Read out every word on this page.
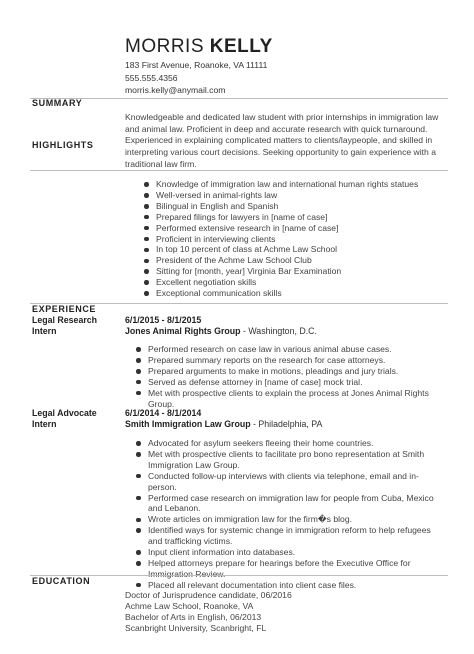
MORRIS KELLY
183 First Avenue, Roanoke, VA 11111
555.555.4356
morris.kelly@anymail.com
SUMMARY
Knowledgeable and dedicated law student with prior internships in immigration law and animal law. Proficient in deep and accurate research with quick turnaround. Experienced in explaining complicated matters to clients/laypeople, and skilled in interpreting various court decisions. Seeking opportunity to gain experience with a traditional law firm.
HIGHLIGHTS
Knowledge of immigration law and international human rights statues
Well-versed in animal-rights law
Bilingual in English and Spanish
Prepared filings for lawyers in [name of case]
Performed extensive research in [name of case]
Proficient in interviewing clients
In top 10 percent of class at Achme Law School
President of the Achme Law School Club
Sitting for [month, year] Virginia Bar Examination
Excellent negotiation skills
Exceptional communication skills
EXPERIENCE
Legal Research Intern
6/1/2015 - 8/1/2015
Jones Animal Rights Group - Washington, D.C.
Performed research on case law in various animal abuse cases.
Prepared summary reports on the research for case attorneys.
Prepared arguments to make in motions, pleadings and jury trials.
Served as defense attorney in [name of case] mock trial.
Met with prospective clients to explain the process at Jones Animal Rights Group.
Legal Advocate Intern
6/1/2014 - 8/1/2014
Smith Immigration Law Group - Philadelphia, PA
Advocated for asylum seekers fleeing their home countries.
Met with prospective clients to facilitate pro bono representation at Smith Immigration Law Group.
Conducted follow-up interviews with clients via telephone, email and in-person.
Performed case research on immigration law for people from Cuba, Mexico and Lebanon.
Wrote articles on immigration law for the firm�s blog.
Identified ways for systemic change in immigration reform to help refugees and trafficking victims.
Input client information into databases.
Helped attorneys prepare for hearings before the Executive Office for Immigration Review.
Placed all relevant documentation into client case files.
EDUCATION
Doctor of Jurisprudence candidate, 06/2016
Achme Law School, Roanoke, VA
Bachelor of Arts in English, 06/2013
Scanbright University, Scanbright, FL
